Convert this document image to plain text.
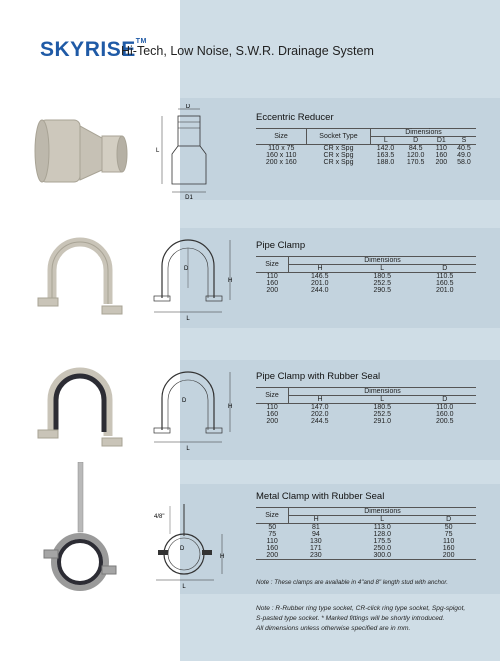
SKYRISE™
Hi-Tech, Low Noise, S.W.R. Drainage System
D
L
D1
Eccentric Reducer
Size	Socket Type	Dimensions			
		L	D	D1	S
110 x 75	CR x Spg	142.0	84.5	110	40.5
160 x 110	CR x Spg	163.5	120.0	160	49.0
200 x 160	CR x Spg	188.0	170.5	200	58.0
D
H
L
Pipe Clamp
Size	Dimensions		
	H	L	D
110	146.5	180.5	110.5
160	201.0	252.5	160.5
200	244.0	290.5	201.0
D
H
L
Pipe Clamp with Rubber Seal
Size	Dimensions		
	H	L	D
110	147.0	180.5	110.0
160	202.0	252.5	160.0
200	244.5	291.0	200.5
4/8"
D
H
L
Metal Clamp with Rubber Seal
Size	Dimensions		
	H	L	D
50	81	113.0	50
75	94	128.0	75
110	130	175.5	110
160	171	250.0	160
200	230	300.0	200
Note : These clamps are available in 4"and 8" length stud with anchor.
Note : R-Rubber ring type socket, CR-click ring type socket, Spg-spigot,
S-pasted type socket. * Marked fittings will be shortly introduced.
All dimensions unless otherwise specified are in mm.
